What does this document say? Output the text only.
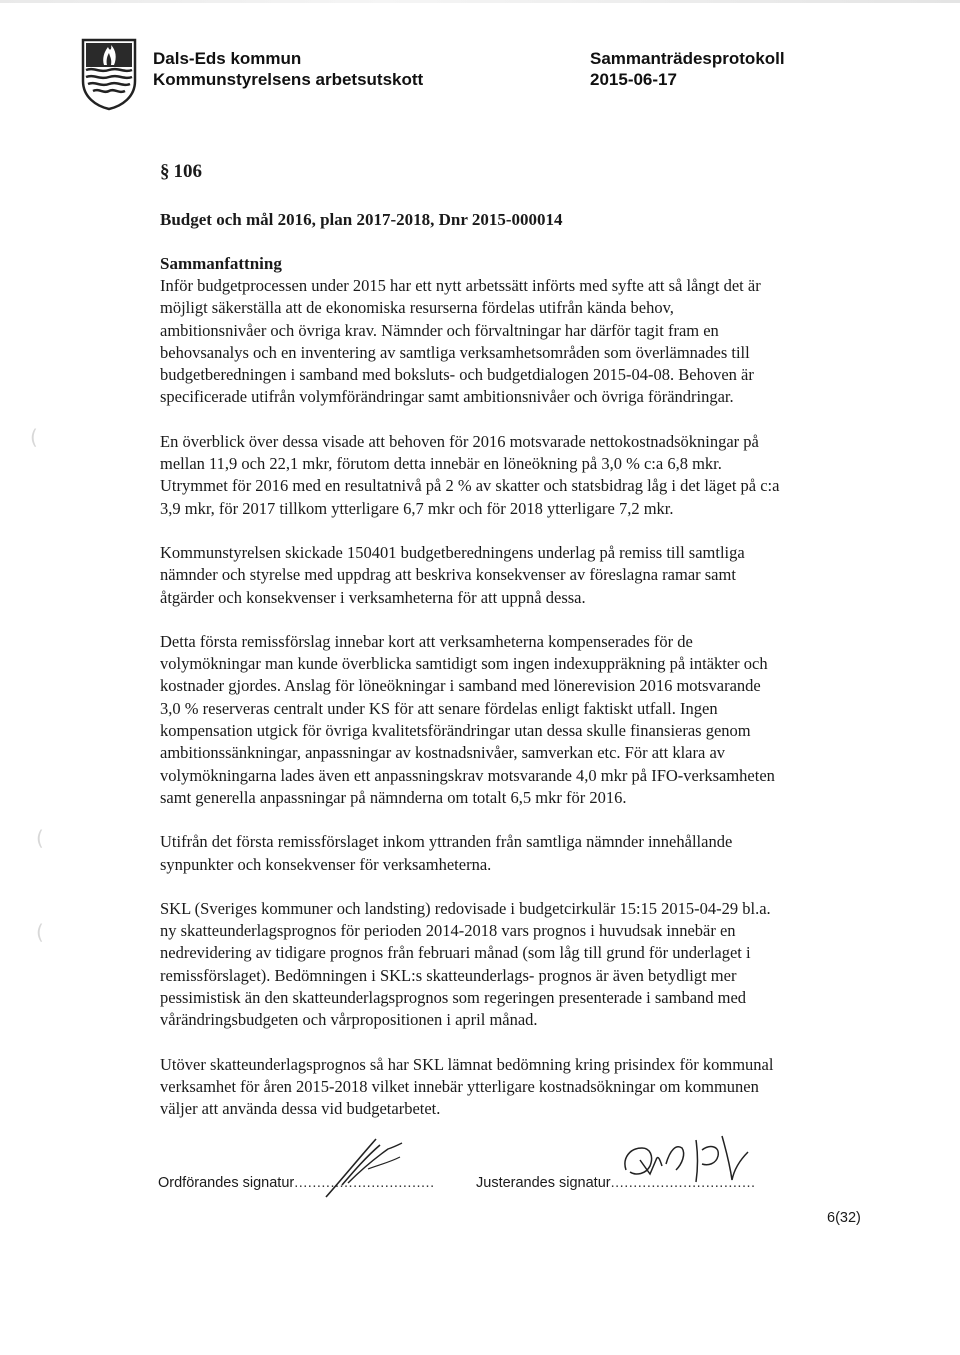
Dals-Eds kommun
Kommunstyrelsens arbetsutskott
Sammanträdesprotokoll
2015-06-17
(
(
(
§ 106
Budget och mål 2016, plan 2017-2018, Dnr 2015-000014
Sammanfattning
Inför budgetprocessen under 2015 har ett nytt arbetssätt införts med syfte att så långt det är
möjligt säkerställa att de ekonomiska resurserna fördelas utifrån kända behov,
ambitionsnivåer och övriga krav. Nämnder och förvaltningar har därför tagit fram en
behovsanalys och en inventering av samtliga verksamhetsområden som överlämnades till
budgetberedningen i samband med boksluts- och budgetdialogen 2015-04-08. Behoven är
specificerade utifrån volymförändringar samt ambitionsnivåer och övriga förändringar.
En överblick över dessa visade att behoven för 2016 motsvarade nettokostnadsökningar på
mellan 11,9 och 22,1 mkr, förutom detta innebär en löneökning på 3,0 % c:a 6,8 mkr.
Utrymmet för 2016 med en resultatnivå på 2 % av skatter och statsbidrag låg i det läget på c:a
3,9 mkr, för 2017 tillkom ytterligare 6,7 mkr och för 2018 ytterligare 7,2 mkr.
Kommunstyrelsen skickade 150401 budgetberedningens underlag på remiss till samtliga
nämnder och styrelse med uppdrag att beskriva konsekvenser av föreslagna ramar samt
åtgärder och konsekvenser i verksamheterna för att uppnå dessa.
Detta första remissförslag innebar kort att verksamheterna kompenserades för de
volymökningar man kunde överblicka samtidigt som ingen indexuppräkning på intäkter och
kostnader gjordes. Anslag för löneökningar i samband med lönerevision 2016 motsvarande
3,0 % reserveras centralt under KS för att senare fördelas enligt faktiskt utfall. Ingen
kompensation utgick för övriga kvalitetsförändringar utan dessa skulle finansieras genom
ambitionssänkningar, anpassningar av kostnadsnivåer, samverkan etc. För att klara av
volymökningarna lades även ett anpassningskrav motsvarande 4,0 mkr på IFO-verksamheten
samt generella anpassningar på nämnderna om totalt 6,5 mkr för 2016.
Utifrån det första remissförslaget inkom yttranden från samtliga nämnder innehållande
synpunkter och konsekvenser för verksamheterna.
SKL (Sveriges kommuner och landsting) redovisade i budgetcirkulär 15:15 2015-04-29 bl.a.
ny skatteunderlagsprognos för perioden 2014-2018 vars prognos i huvudsak innebär en
nedrevidering av tidigare prognos från februari månad (som låg till grund för underlaget i
remissförslaget). Bedömningen i SKL:s skatteunderlags- prognos är även betydligt mer
pessimistisk än den skatteunderlagsprognos som regeringen presenterade i samband med
vårändringsbudgeten och vårpropositionen i april månad.
Utöver skatteunderlagsprognos så har SKL lämnat bedömning kring prisindex för kommunal
verksamhet för åren 2015-2018 vilket innebär ytterligare kostnadsökningar om kommunen
väljer att använda dessa vid budgetarbetet.
Ordförandes signatur...............................	Justerandes signatur................................
6(32)
